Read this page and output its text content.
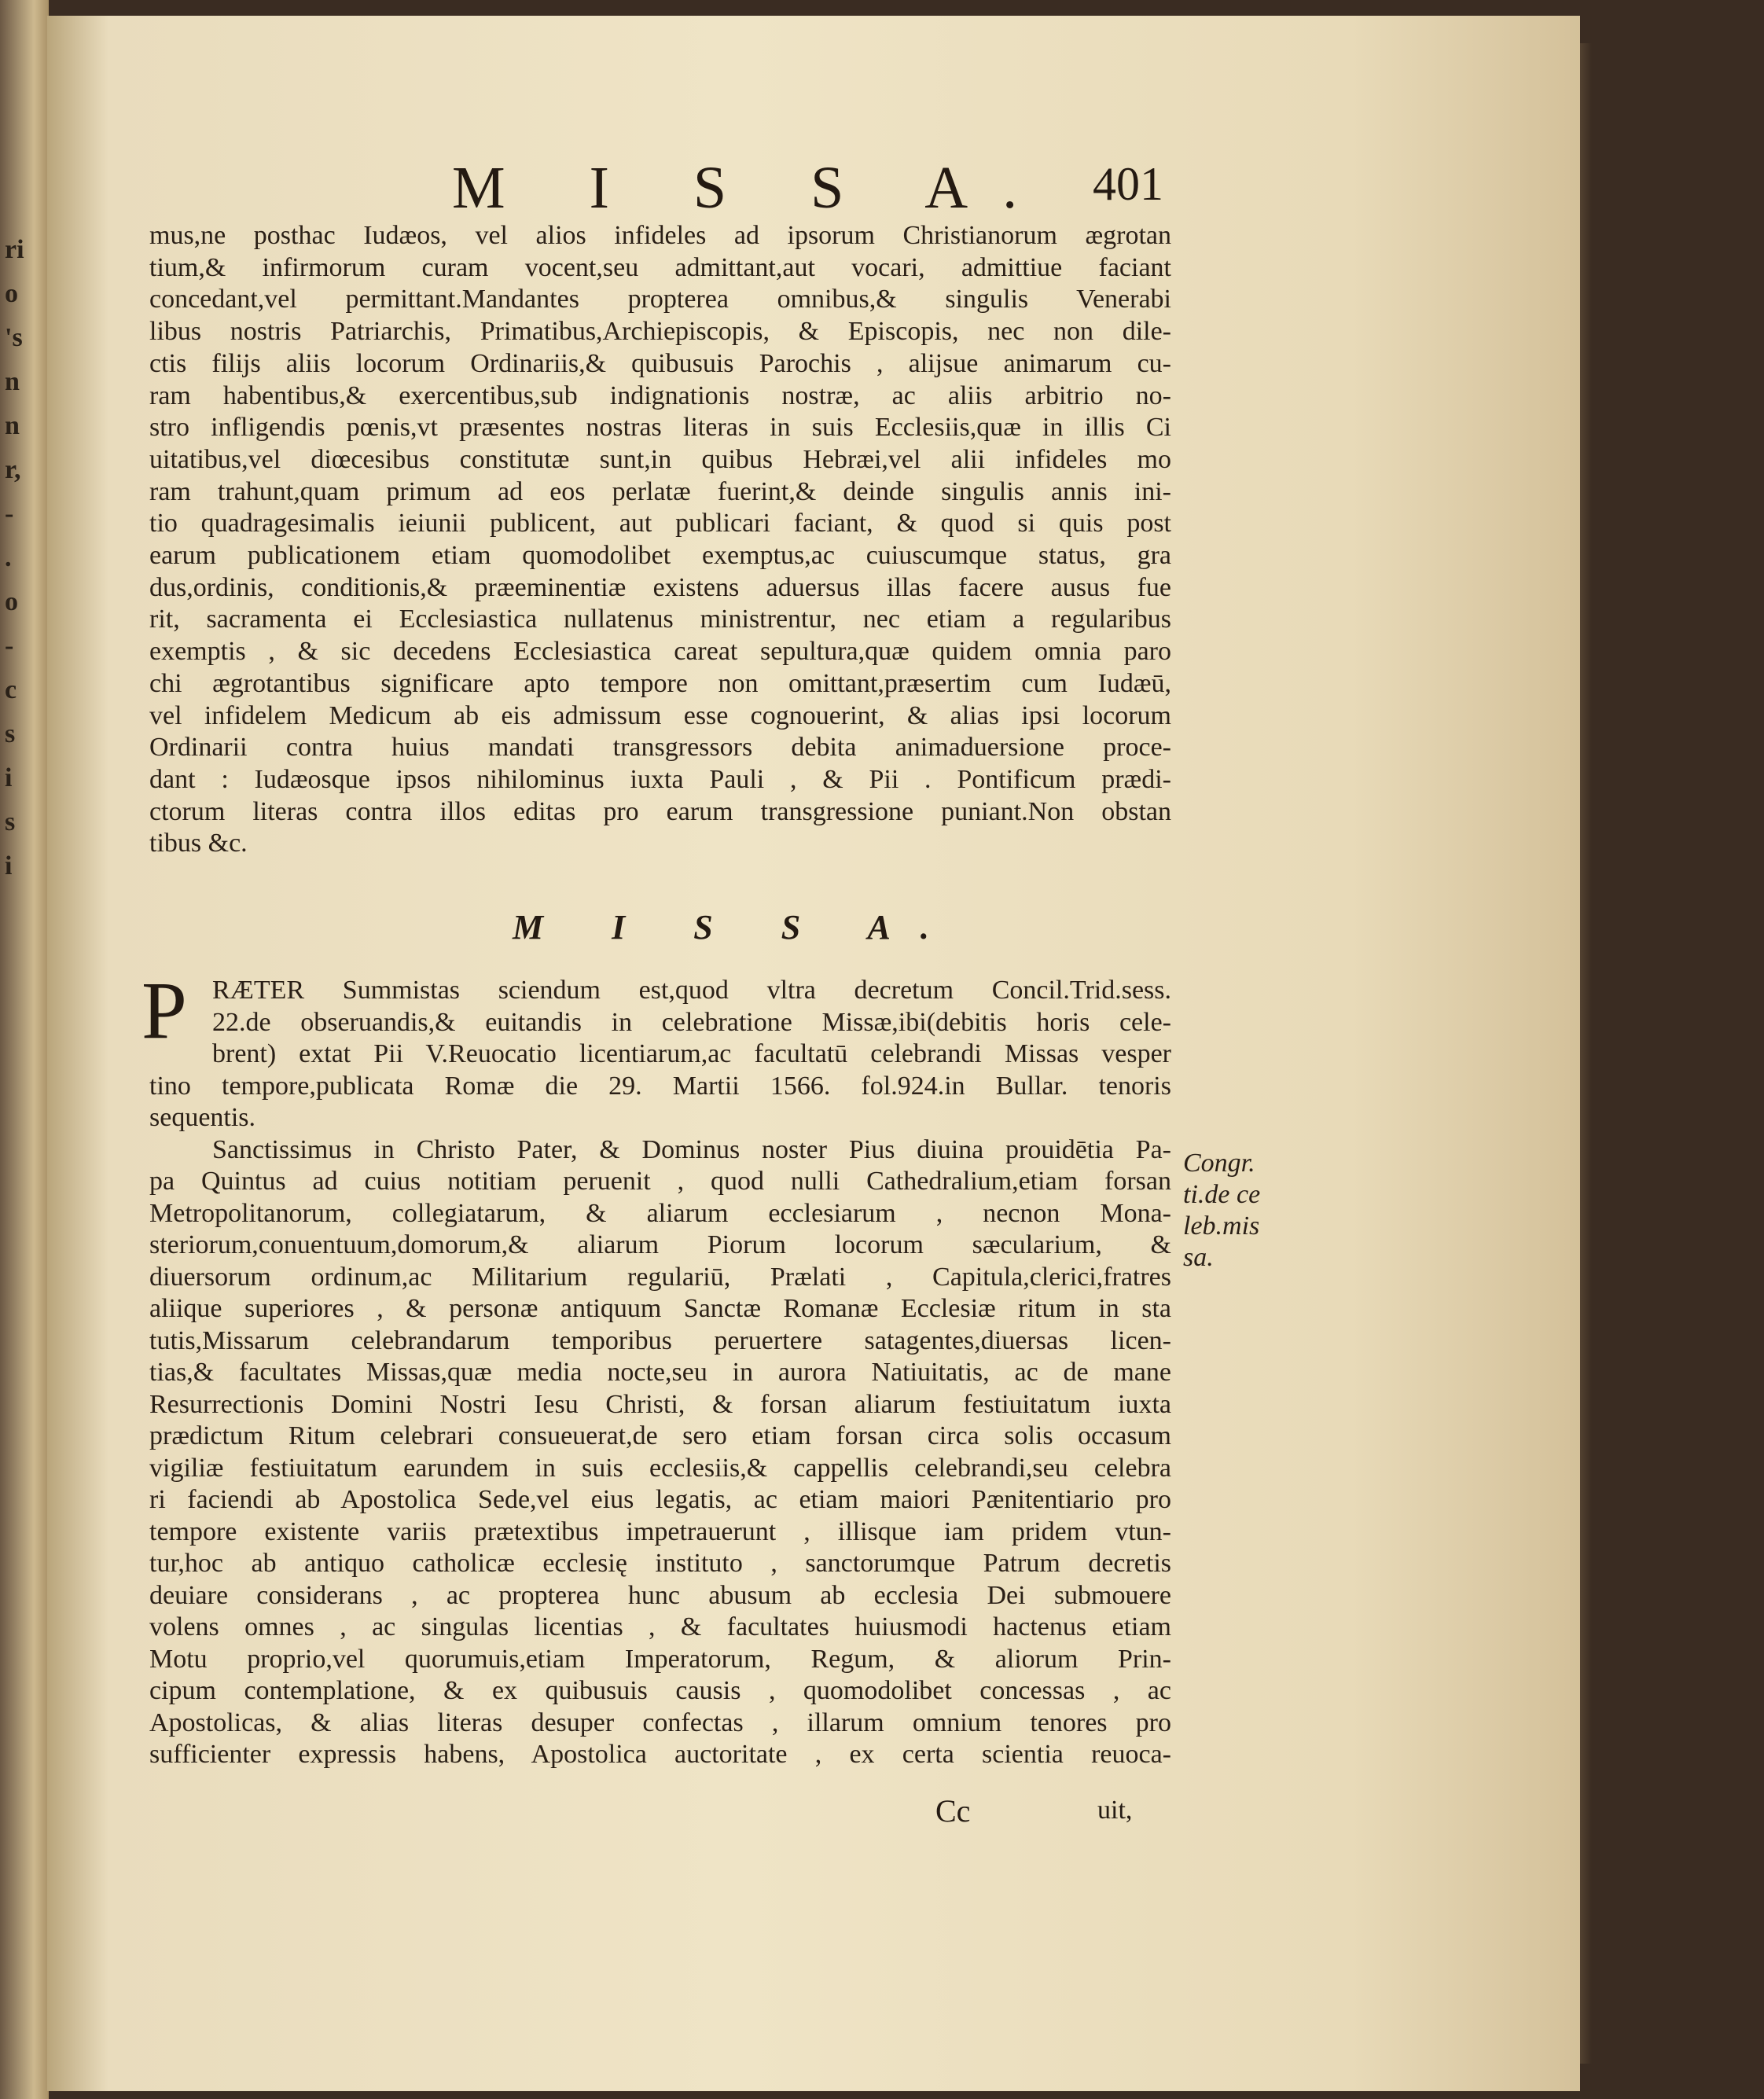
ri
o
's
n
n
r,
-
.
o
-
c
s
i
s
i
M I S S A. 401
mus,ne posthac Iudæos, vel alios infideles ad ipsorum Christianorum ægrotan
tium,& infirmorum curam vocent,seu admittant,aut vocari, admittiue faciant
concedant,vel permittant.Mandantes propterea omnibus,& singulis Venerabi
libus nostris Patriarchis, Primatibus,Archiepiscopis, & Episcopis, nec non dile-
ctis filijs aliis locorum Ordinariis,& quibusuis Parochis , alijsue animarum cu-
ram habentibus,& exercentibus,sub indignationis nostræ, ac aliis arbitrio no-
stro infligendis pœnis,vt præsentes nostras literas in suis Ecclesiis,quæ in illis Ci
uitatibus,vel diœcesibus constitutæ sunt,in quibus Hebræi,vel alii infideles mo
ram trahunt,quam primum ad eos perlatæ fuerint,& deinde singulis annis ini-
tio quadragesimalis ieiunii publicent, aut publicari faciant, & quod si quis post
earum publicationem etiam quomodolibet exemptus,ac cuiuscumque status, gra
dus,ordinis, conditionis,& præeminentiæ existens aduersus illas facere ausus fue
rit, sacramenta ei Ecclesiastica nullatenus ministrentur, nec etiam a regularibus
exemptis , & sic decedens Ecclesiastica careat sepultura,quæ quidem omnia paro
chi ægrotantibus significare apto tempore non omittant,præsertim cum Iudæū,
vel infidelem Medicum ab eis admissum esse cognouerint, & alias ipsi locorum
Ordinarii contra huius mandati transgressors debita animaduersione proce-
dant : Iudæosque ipsos nihilominus iuxta Pauli , & Pii . Pontificum prædi-
ctorum literas contra illos editas pro earum transgressione puniant.Non obstan
tibus &c.
M I S S A.
P RÆTER Summistas sciendum est,quod vltra decretum Concil.Trid.sess.
22.de obseruandis,& euitandis in celebratione Missæ,ibi(debitis horis cele-
brent) extat Pii V.Reuocatio licentiarum,ac facultatū celebrandi Missas vesper
tino tempore,publicata Romæ die 29. Martii 1566. fol.924.in Bullar. tenoris
sequentis.
Sanctissimus in Christo Pater, & Dominus noster Pius diuina prouidētia Pa-
pa Quintus ad cuius notitiam peruenit , quod nulli Cathedralium,etiam forsan
Metropolitanorum, collegiatarum, & aliarum ecclesiarum , necnon Mona-
steriorum,conuentuum,domorum,& aliarum Piorum locorum sæcularium, &
diuersorum ordinum,ac Militarium regulariū, Prælati , Capitula,clerici,fratres
aliique superiores , & personæ antiquum Sanctæ Romanæ Ecclesiæ ritum in sta
tutis,Missarum celebrandarum temporibus peruertere satagentes,diuersas licen-
tias,& facultates Missas,quæ media nocte,seu in aurora Natiuitatis, ac de mane
Resurrectionis Domini Nostri Iesu Christi, & forsan aliarum festiuitatum iuxta
prædictum Ritum celebrari consueuerat,de sero etiam forsan circa solis occasum
vigiliæ festiuitatum earundem in suis ecclesiis,& cappellis celebrandi,seu celebra
ri faciendi ab Apostolica Sede,vel eius legatis, ac etiam maiori Pænitentiario pro
tempore existente variis prætextibus impetrauerunt , illisque iam pridem vtun-
tur,hoc ab antiquo catholicæ ecclesię instituto , sanctorumque Patrum decretis
deuiare considerans , ac propterea hunc abusum ab ecclesia Dei submouere
volens omnes , ac singulas licentias , & facultates huiusmodi hactenus etiam
Motu proprio,vel quorumuis,etiam Imperatorum, Regum, & aliorum Prin-
cipum contemplatione, & ex quibusuis causis , quomodolibet concessas , ac
Apostolicas, & alias literas desuper confectas , illarum omnium tenores pro
sufficienter expressis habens, Apostolica auctoritate , ex certa scientia reuoca-
Congr.
ti.de ce
leb.mis
sa.
Cc	uit,
